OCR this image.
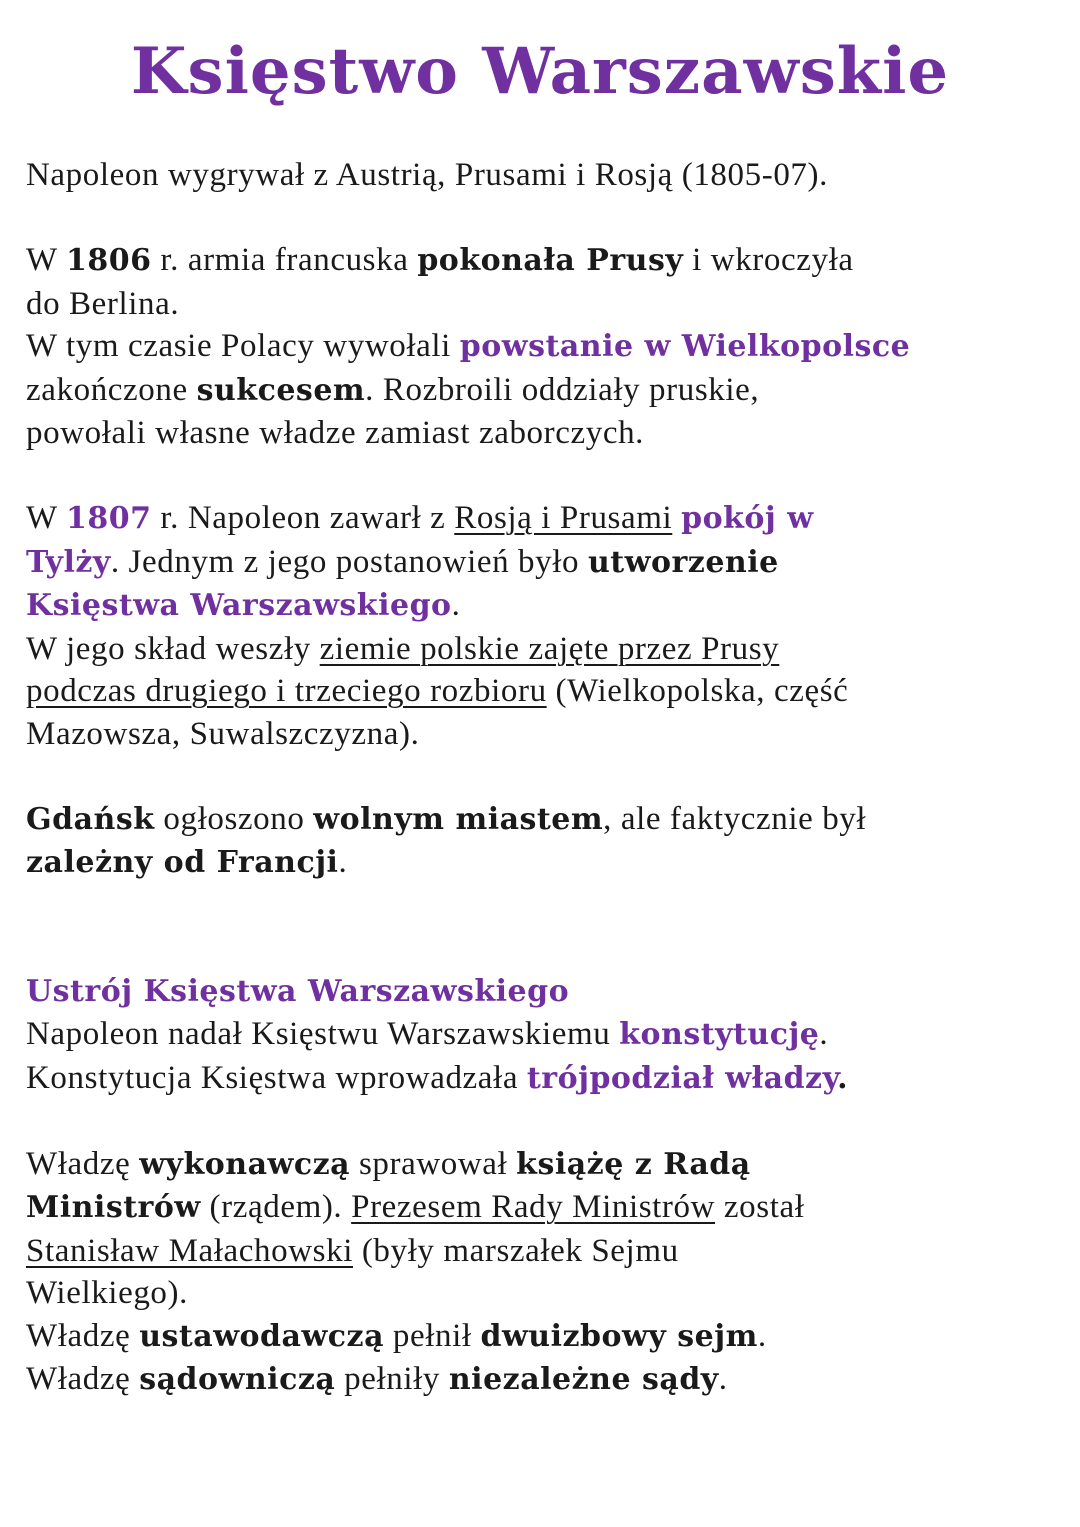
Księstwo Warszawskie
Napoleon wygrywał z Austrią, Prusami i Rosją (1805-07).
W 1806 r. armia francuska pokonała Prusy i wkroczyła
do Berlina.
W tym czasie Polacy wywołali powstanie w Wielkopolsce
zakończone sukcesem. Rozbroili oddziały pruskie,
powołali własne władze zamiast zaborczych.
W 1807 r. Napoleon zawarł z Rosją i Prusami pokój w
Tylży. Jednym z jego postanowień było utworzenie
Księstwa Warszawskiego.
W jego skład weszły ziemie polskie zajęte przez Prusy
podczas drugiego i trzeciego rozbioru (Wielkopolska, część
Mazowsza, Suwalszczyzna).
Gdańsk ogłoszono wolnym miastem, ale faktycznie był
zależny od Francji.
Ustrój Księstwa Warszawskiego
Napoleon nadał Księstwu Warszawskiemu konstytucję.
Konstytucja Księstwa wprowadzała trójpodział władzy.
Władzę wykonawczą sprawował książę z Radą
Ministrów (rządem). Prezesem Rady Ministrów został
Stanisław Małachowski (były marszałek Sejmu
Wielkiego).
Władzę ustawodawczą pełnił dwuizbowy sejm.
Władzę sądowniczą pełniły niezależne sądy.
